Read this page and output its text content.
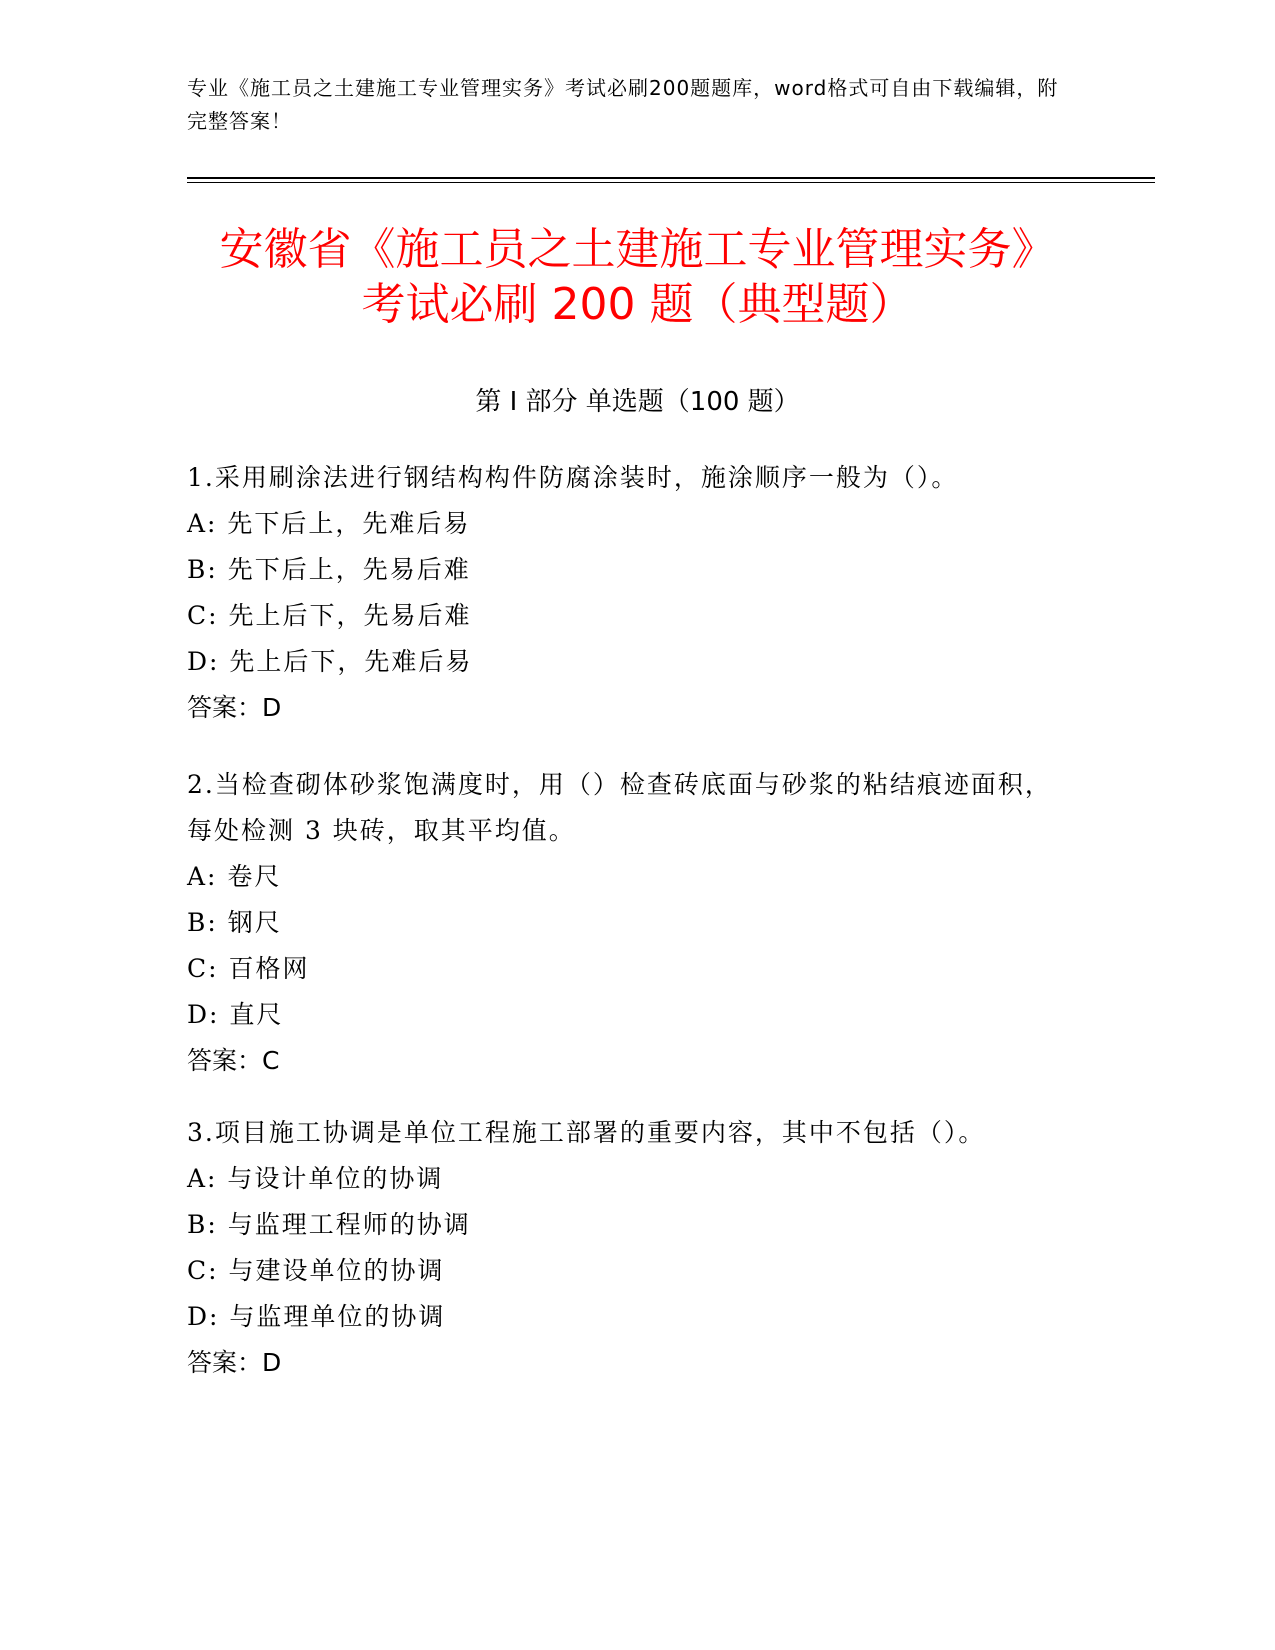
专业《施工员之土建施工专业管理实务》考试必刷200题题库，word格式可自由下载编辑，附完整答案！
安徽省《施工员之土建施工专业管理实务》
考试必刷 200 题（典型题）
第 I 部分 单选题（100 题）
1.采用刷涂法进行钢结构构件防腐涂装时，施涂顺序一般为（）。
A: 先下后上，先难后易
B: 先下后上，先易后难
C: 先上后下，先易后难
D: 先上后下，先难后易
答案：D
2.当检查砌体砂浆饱满度时，用（）检查砖底面与砂浆的粘结痕迹面积，每处检测 3 块砖，取其平均值。
A: 卷尺
B: 钢尺
C: 百格网
D: 直尺
答案：C
3.项目施工协调是单位工程施工部署的重要内容，其中不包括（）。
A: 与设计单位的协调
B: 与监理工程师的协调
C: 与建设单位的协调
D: 与监理单位的协调
答案：D
